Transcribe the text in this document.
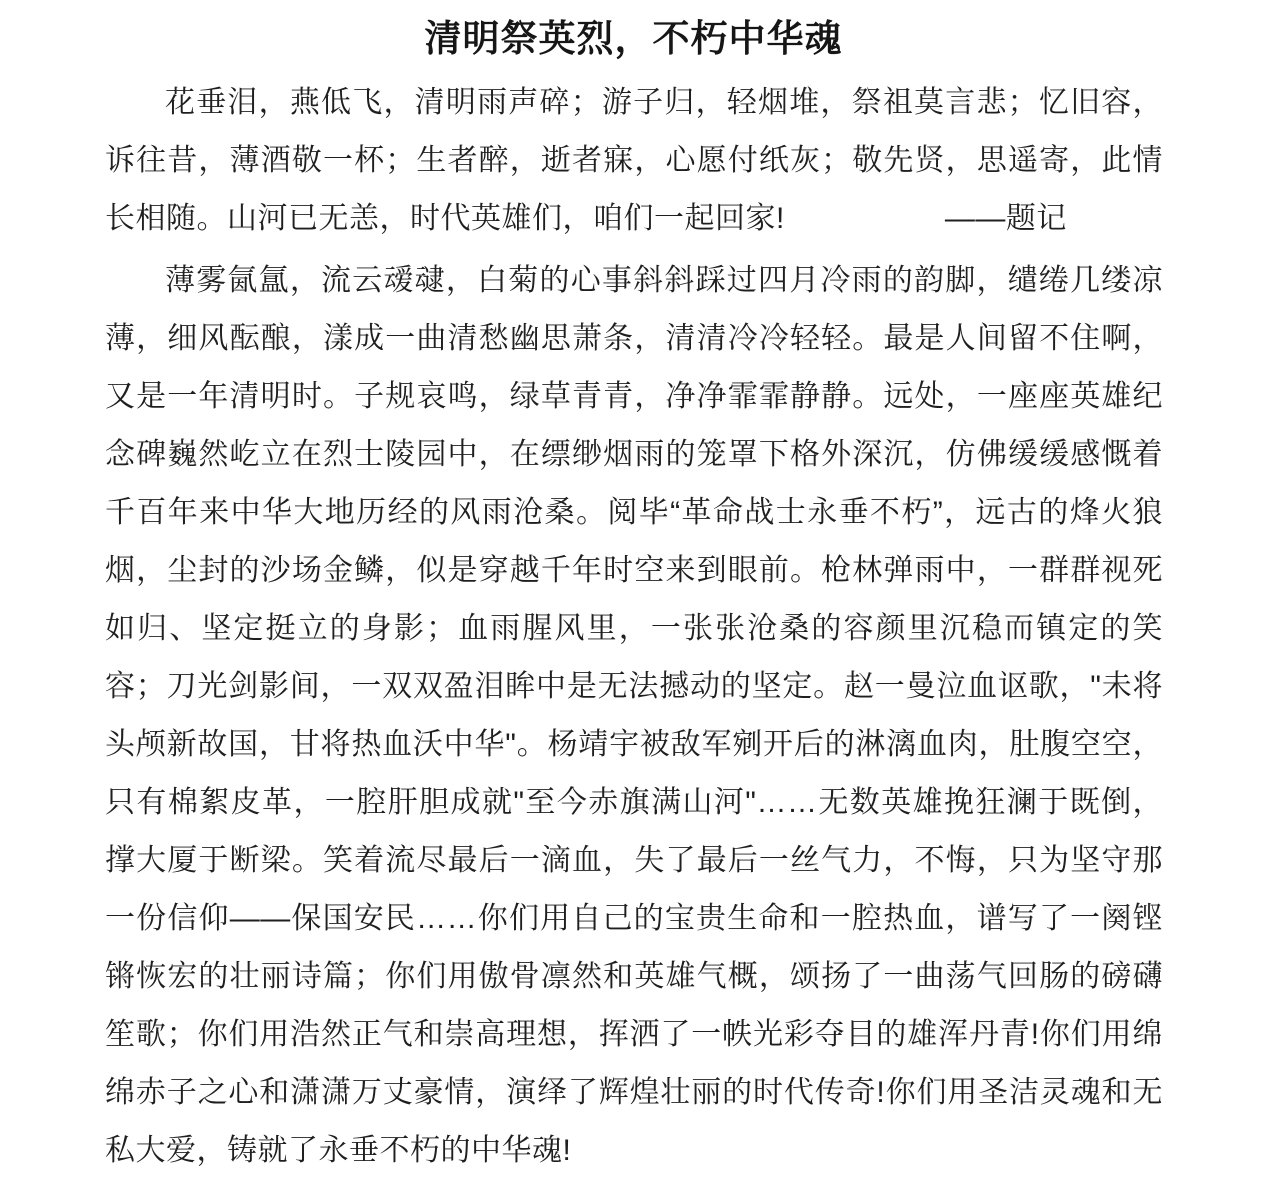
清明祭英烈，不朽中华魂

花垂泪，燕低飞，清明雨声碎；游子归，轻烟堆，祭祖莫言悲；忆旧容，诉往昔，薄酒敬一杯；生者醉，逝者寐，心愿付纸灰；敬先贤，思遥寄，此情长相随。山河已无恙，时代英雄们，咱们一起回家!	——题记

薄雾氤氲，流云叆叇，白菊的心事斜斜踩过四月冷雨的韵脚，缱绻几缕凉薄，细风酝酿，漾成一曲清愁幽思萧条，清清冷冷轻轻。最是人间留不住啊，又是一年清明时。子规哀鸣，绿草青青，净净霏霏静静。远处，一座座英雄纪念碑巍然屹立在烈士陵园中，在缥缈烟雨的笼罩下格外深沉，仿佛缓缓感慨着千百年来中华大地历经的风雨沧桑。阅毕“革命战士永垂不朽”，远古的烽火狼烟，尘封的沙场金鳞，似是穿越千年时空来到眼前。枪林弹雨中，一群群视死如归、坚定挺立的身影；血雨腥风里，一张张沧桑的容颜里沉稳而镇定的笑容；刀光剑影间，一双双盈泪眸中是无法撼动的坚定。赵一曼泣血讴歌，"未将头颅新故国，甘将热血沃中华"。杨靖宇被敌军剜开后的淋漓血肉，肚腹空空，只有棉絮皮革，一腔肝胆成就"至今赤旗满山河"……无数英雄挽狂澜于既倒，撑大厦于断梁。笑着流尽最后一滴血，失了最后一丝气力，不悔，只为坚守那一份信仰——保国安民……你们用自己的宝贵生命和一腔热血，谱写了一阕铿锵恢宏的壮丽诗篇；你们用傲骨凛然和英雄气概，颂扬了一曲荡气回肠的磅礴笙歌；你们用浩然正气和崇高理想，挥洒了一帙光彩夺目的雄浑丹青!你们用绵绵赤子之心和潇潇万丈豪情，演绎了辉煌壮丽的时代传奇!你们用圣洁灵魂和无私大爱，铸就了永垂不朽的中华魂!
